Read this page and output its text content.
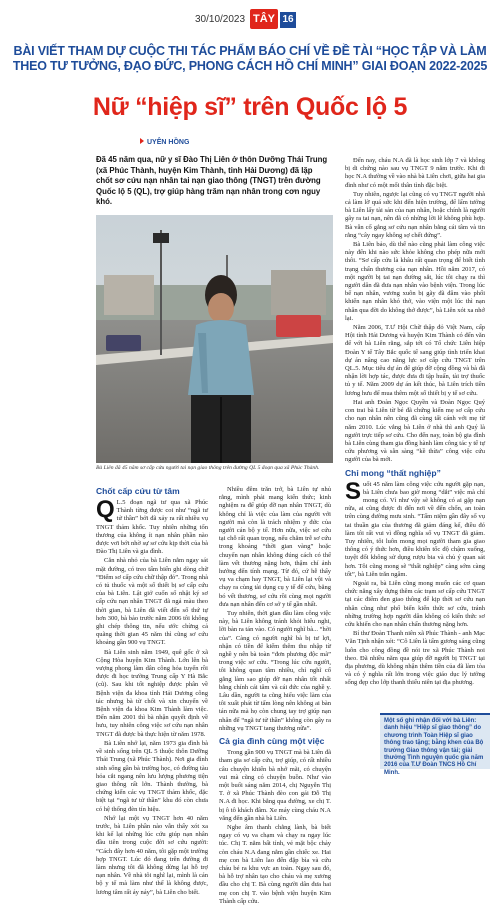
30/10/2023 TÂY 16
BÀI VIẾT THAM DỰ CUỘC THI TÁC PHẨM BÁO CHÍ VỀ ĐỀ TÀI “HỌC TẬP VÀ LÀM THEO TƯ TƯỞNG, ĐẠO ĐỨC, PHONG CÁCH HỒ CHÍ MINH” GIAI ĐOẠN 2022-2025
Nữ “hiệp sĩ” trên Quốc lộ 5
UYÊN HỒNG
Đã 45 năm qua, nữ y sĩ Đào Thị Liên ở thôn Dưỡng Thái Trung (xã Phúc Thành, huyện Kim Thành, tỉnh Hải Dương) đã lặp chốt sơ cứu nạn nhân tai nạn giao thông (TNGT) trên đường Quốc lộ 5 (QL), trợ giúp hàng trăm nạn nhân trong cơn nguy khó.
Bà Liên đã 45 năm sơ cấp cứu người tai nạn giao thông trên đường QL 5 đoạn qua xã Phúc Thành.
Chốt cấp cứu từ tâm

Q L.5 đoạn ngã tư qua xã Phúc Thành từng được coi như “ngã tư tử thần” bởi đã xảy ra rất nhiều vụ TNGT thảm khốc. Tuy nhiên những tổn thương của không ít nạn nhân phần nào được vơi bớt nhờ sự sơ cứu kịp thời của bà Đào Thị Liên và gia đình.

Căn nhà nhỏ của bà Liên nằm ngay sát mặt đường, có treo tấm biển ghi dòng chữ “Điểm sơ cấp cứu chữ thập đỏ”. Trong nhà có tủ thuốc và một số thiết bị sơ cấp cứu của bà Liên. Lật giở cuốn sổ nhật ký sơ cấp cứu nạn nhân TNGT đã ngả màu theo thời gian, bà Liên đã viết đến số thứ tự hơn 300, bà bảo trước năm 2006 tôi không ghi chép thông tin, nếu ước chừng cả quãng thời gian 45 năm thì cũng sơ cứu khoảng gần 900 vụ TNGT.

Bà Liên sinh năm 1949, quê gốc ở xã Cộng Hòa huyện Kim Thành. Lớn lên bà vượng phong làm dân công hỏa tuyến rồi được đi học trường Trung cấp Y Hà Bắc (cũ). Sau khi tốt nghiệp được phân về Bệnh viện đa khoa tỉnh Hải Dương công tác nhưng bà từ chối và xin chuyển về Bệnh viện đa khoa Kim Thành làm việc. Đến năm 2001 thì bà nhận quyết định về hưu, tuy nhiên công việc sơ cứu nạn nhân TNGT đã được bà thực hiện từ năm 1978.

Bà Liên nhớ lại, năm 1973 gia đình bà về sinh sống trên QL 5 thuộc thôn Dưỡng Thái Trung (xã Phúc Thành). Nơi gia đình sinh sống gần bà trường học, có đường tàu hỏa cắt ngang nên lưu lượng phương tiện giao thông rất lớn. Thành thường, bà chứng kiến các vụ TNGT thảm khốc, đặc biệt tại “ngã tư tử thần” khu đó còn chưa có hệ thống đèn tín hiệu.

Nhớ lại một vụ TNGT hơn 40 năm trước, bà Liên phần nào vẫn thấy xót xa khi kể lại những lúc cứu giúp nạn nhân đầu tiên trong cuộc đời sơ cứu người: “Cách đây hơn 40 năm, tôi gặp một trường hợp TNGT. Lúc đó đang trên đường đi làm nhưng tôi đã không dừng lại hỗ trợ nạn nhân. Về nhà tôi nghĩ lại, mình là cán bộ y tế mà làm như thế là không được, lương tâm rất áy náy”, bà Liên cho biết.

Nhiều đêm trăn trở, bà Liên tự nhủ rằng, mình phải mang kiến thức; kinh nghiệm ra để giúp đỡ nạn nhân TNGT, dù không chỉ là việc của làm của người với người mà còn là trách nhiệm y đức của người cán bộ y tế. Hơn nữa, việc sơ cứu tại chỗ rất quan trọng, nếu chăm trễ sơ cứu trong khoảng “thời gian vàng” hoặc chuyển nạn nhân không đúng cách có thể làm vết thương nặng hơn, thậm chí ảnh hưởng đến tính mạng. Từ đó, cứ hễ thấy vụ va chạm hay TNGT, bà Liên lại vội và chạy ra cùng tài dụng cụ y tế để cứu, băng bó vết thương, sơ cứu rồi cùng mọi người đưa nạn nhân đến cơ sở y tế gần nhất.

Tuy nhiên, thời gian đầu làm công việc này, bà Liên không tránh khỏi hiểu nghi, lời bàn ra tán vào. Có người nghĩ bà... “hời của”. Càng có người nghĩ bà bị tư lợi, nhận có tiền để kiếm thêm thu nhập từ nghề y nên bà toàn “đơn phương độc mã” trong việc sơ cứu. “Trong lúc cứu người, tôi không quan tâm nhiều, chỉ nghĩ cố gắng làm sao giúp đỡ nạn nhân tốt nhất bằng chính cái tâm và cái đức của nghề y. Lâu dần, người ta cũng hiểu việc làm của tôi xuất phát từ tấm lòng nên không ai bàn tán nữa mà họ còn chung tay trợ giúp nạn nhân để “ngã tư tử thần” không còn gây ra những vụ TNGT tang thương nữa”.

Cả gia đình cùng một việc

Trong gần 900 vụ TNGT mà bà Liên đã tham gia sơ cấp cứu, trợ giúp, có rất nhiều câu chuyện khiến bà nhớ mãi, có chuyện vui mà cũng có chuyện buồn. Như vào một buổi sáng năm 2014, chị Nguyễn Thị T. ở xã Phúc Thành đèo con gái Đỗ Thị N.A đi học. Khi bằng qua đường, xe chị T. bị ô tô khách đâm. Xe máy cùng cháu N.A văng đến gần nhà bà Liên.

Nghe âm thanh chẳng lành, bà biết ngay có vụ va chạm và chạy ra ngay lúc túc. Chị T. nằm bất tỉnh, vẻ mặt bộc chảy còn cháu N.A đang nằm gần chiếc xe. Hai mẹ con bà Liên lao đến đặp bìa và cứu cháu bé ra khu vực an toàn. Ngay sau đó, bà hỗ trợ nhân tạo cho cháu và mẹ xương đầu cho chị T. Bà cùng người dân đưa hai mẹ con chị T. vào bệnh viện huyện Kim Thành cấp cứu.

Đến nay, cháu N.A đã là học sinh lớp 7 và không bị di chứng nào sau vụ TNGT 9 năm trước. Khi đi học N.A thường về vào nhà bà Liên chơi, giữa hai gia đình như có một mối thân tình đặc biệt.

Tuy nhiên, ngược lại cũng có vụ TNGT người nhà cả làm lỡ quá sức khi đến hiện trường, để lấm tưởng bà Liên lấy tài sản của nạn nhân, hoặc chính là người gây ra tai nạn, nên đã có những lời lẽ không phù hợp. Bà vẫn cố gắng sơ cứu nạn nhân bằng cái tâm và tin rằng “cây ngay không sợ chết đứng”.

Bà Liên bảo, dù thế nào cũng phải làm công việc này đến khi nào sức khỏe không cho phép nữa mới thôi. “Sơ cấp cứu là khâu rất quan trọng để biết tình trạng chấn thương của nạn nhân. Hồi năm 2017, có một người bị tai nạn đường sắt, lúc tôi chạy ra thì người dân đã đưa nạn nhân vào bệnh viện. Trong lúc bế nạn nhân, vương xuôn bị gãy đã đâm vào phổi khiến nạn nhân khó thở, vào viện một lúc thì nạn nhân qua đời do không thở được”, bà Liên xót xa nhớ lại.

Năm 2006, T.Ư Hội Chữ thập đỏ Việt Nam, cấp Hội tỉnh Hải Dương và huyện Kim Thành có đến văn để với bà Liên rằng, sắp tới có Tổ chức Liên hiệp Đoàn Y tế Tây Bắc quốc tế sang giúp tình triển khai dự án nâng cao năng lực sơ cấp cứu TNGT trên QL.5. Mục tiêu dự án để giúp đỡ cộng đồng và bà đã nhận lời hợp tác, được đưa đi tập huấn, tài trợ thuốc tủ y tế. Năm 2009 dự án kết thúc, bà Liên trích tiền lương hưu để mua thêm một số thiết bị y tế sơ cứu.

Hai anh Đoàn Ngọc Quyền và Đoàn Ngọc Quý con trai bà Liên từ bé đã chứng kiến mẹ sơ cấp cứu cho nạn nhân nên cũng đã cùng tất cánh với mẹ từ năm 2010. Lúc vắng bà Liên ở nhà thì anh Quý là người trực tiếp sơ cứu. Cho đến nay, toàn bộ gia đình bà Liên cùng tham gia đồng hành làm công tác y tế tự cứu phương và sẵn sàng “kề thừa” công việc cứu người của bà mới.

Chỉ mong “thất nghiệp”

Suốt 45 năm làm công việc cứu người gặp nạn, bà Liên chưa bao giờ mong “dắt” việc mà chỉ mong có. Vì như vậy sẽ không có ai gặp nạn nữa, ai cũng được đi đến nơi về đến chốn, an toàn trên cùng đường mưu sinh. “Tấm niệm gần đây số vụ tai thuần gia của thương đã giảm đáng kể, điều đó làm tôi rất vui vì đồng nghĩa số vụ TNGT đã giảm. Tuy nhiên, tôi luôn mong mọi người tham gia giao thông có ý thức hơn, điều khiển tốc độ chậm xuống, tuyệt đối không sử dụng rượu bia và chủ ý quan sát hơn. Tôi cũng mong sẽ “thất nghiệp” càng sớm càng tốt”, bà Liên trăn ngâm.

Ngoài ra, bà Liên cũng mong muốn các cơ quan chức năng xây dựng thêm các trạm sơ cấp cứu TNGT tại các điểm đen giao thông để kịp thời sơ cứu nạn nhân cũng như phổ biến kiến thức sơ cứu, tránh những trường hợp người dân không có kiến thức sơ cứu khiến cho nạn nhân chấn thương nặng hơn.

Bí thư Đoàn Thanh niên xã Phúc Thành - anh Mạc Văn Tịnh nhận xét: “Cô Liên là tấm gương sáng cũng luôn cho công đồng đề nói tre xã Phúc Thành noi theo. Đã nhiều năm qua giúp đỡ người bị TNGT tại địa phương, dù không nhận thêm tiền của đã làm tòa và có ý nghĩa rất lớn trong việc giáo dục lý tưởng sống đẹp cho lớp thanh thiếu niên tại địa phương.

Một số ghi nhận đối với bà Liên: danh hiệu “Hiệp sĩ giao thông” do chương trình Toàn Hiệp sĩ giao thông trao tặng; bằng khen của Bộ trưởng Giao thông vận tải; giải thưởng Tình nguyện quốc gia năm 2016 của T.Ư Đoàn TNCS Hồ Chí Minh.
